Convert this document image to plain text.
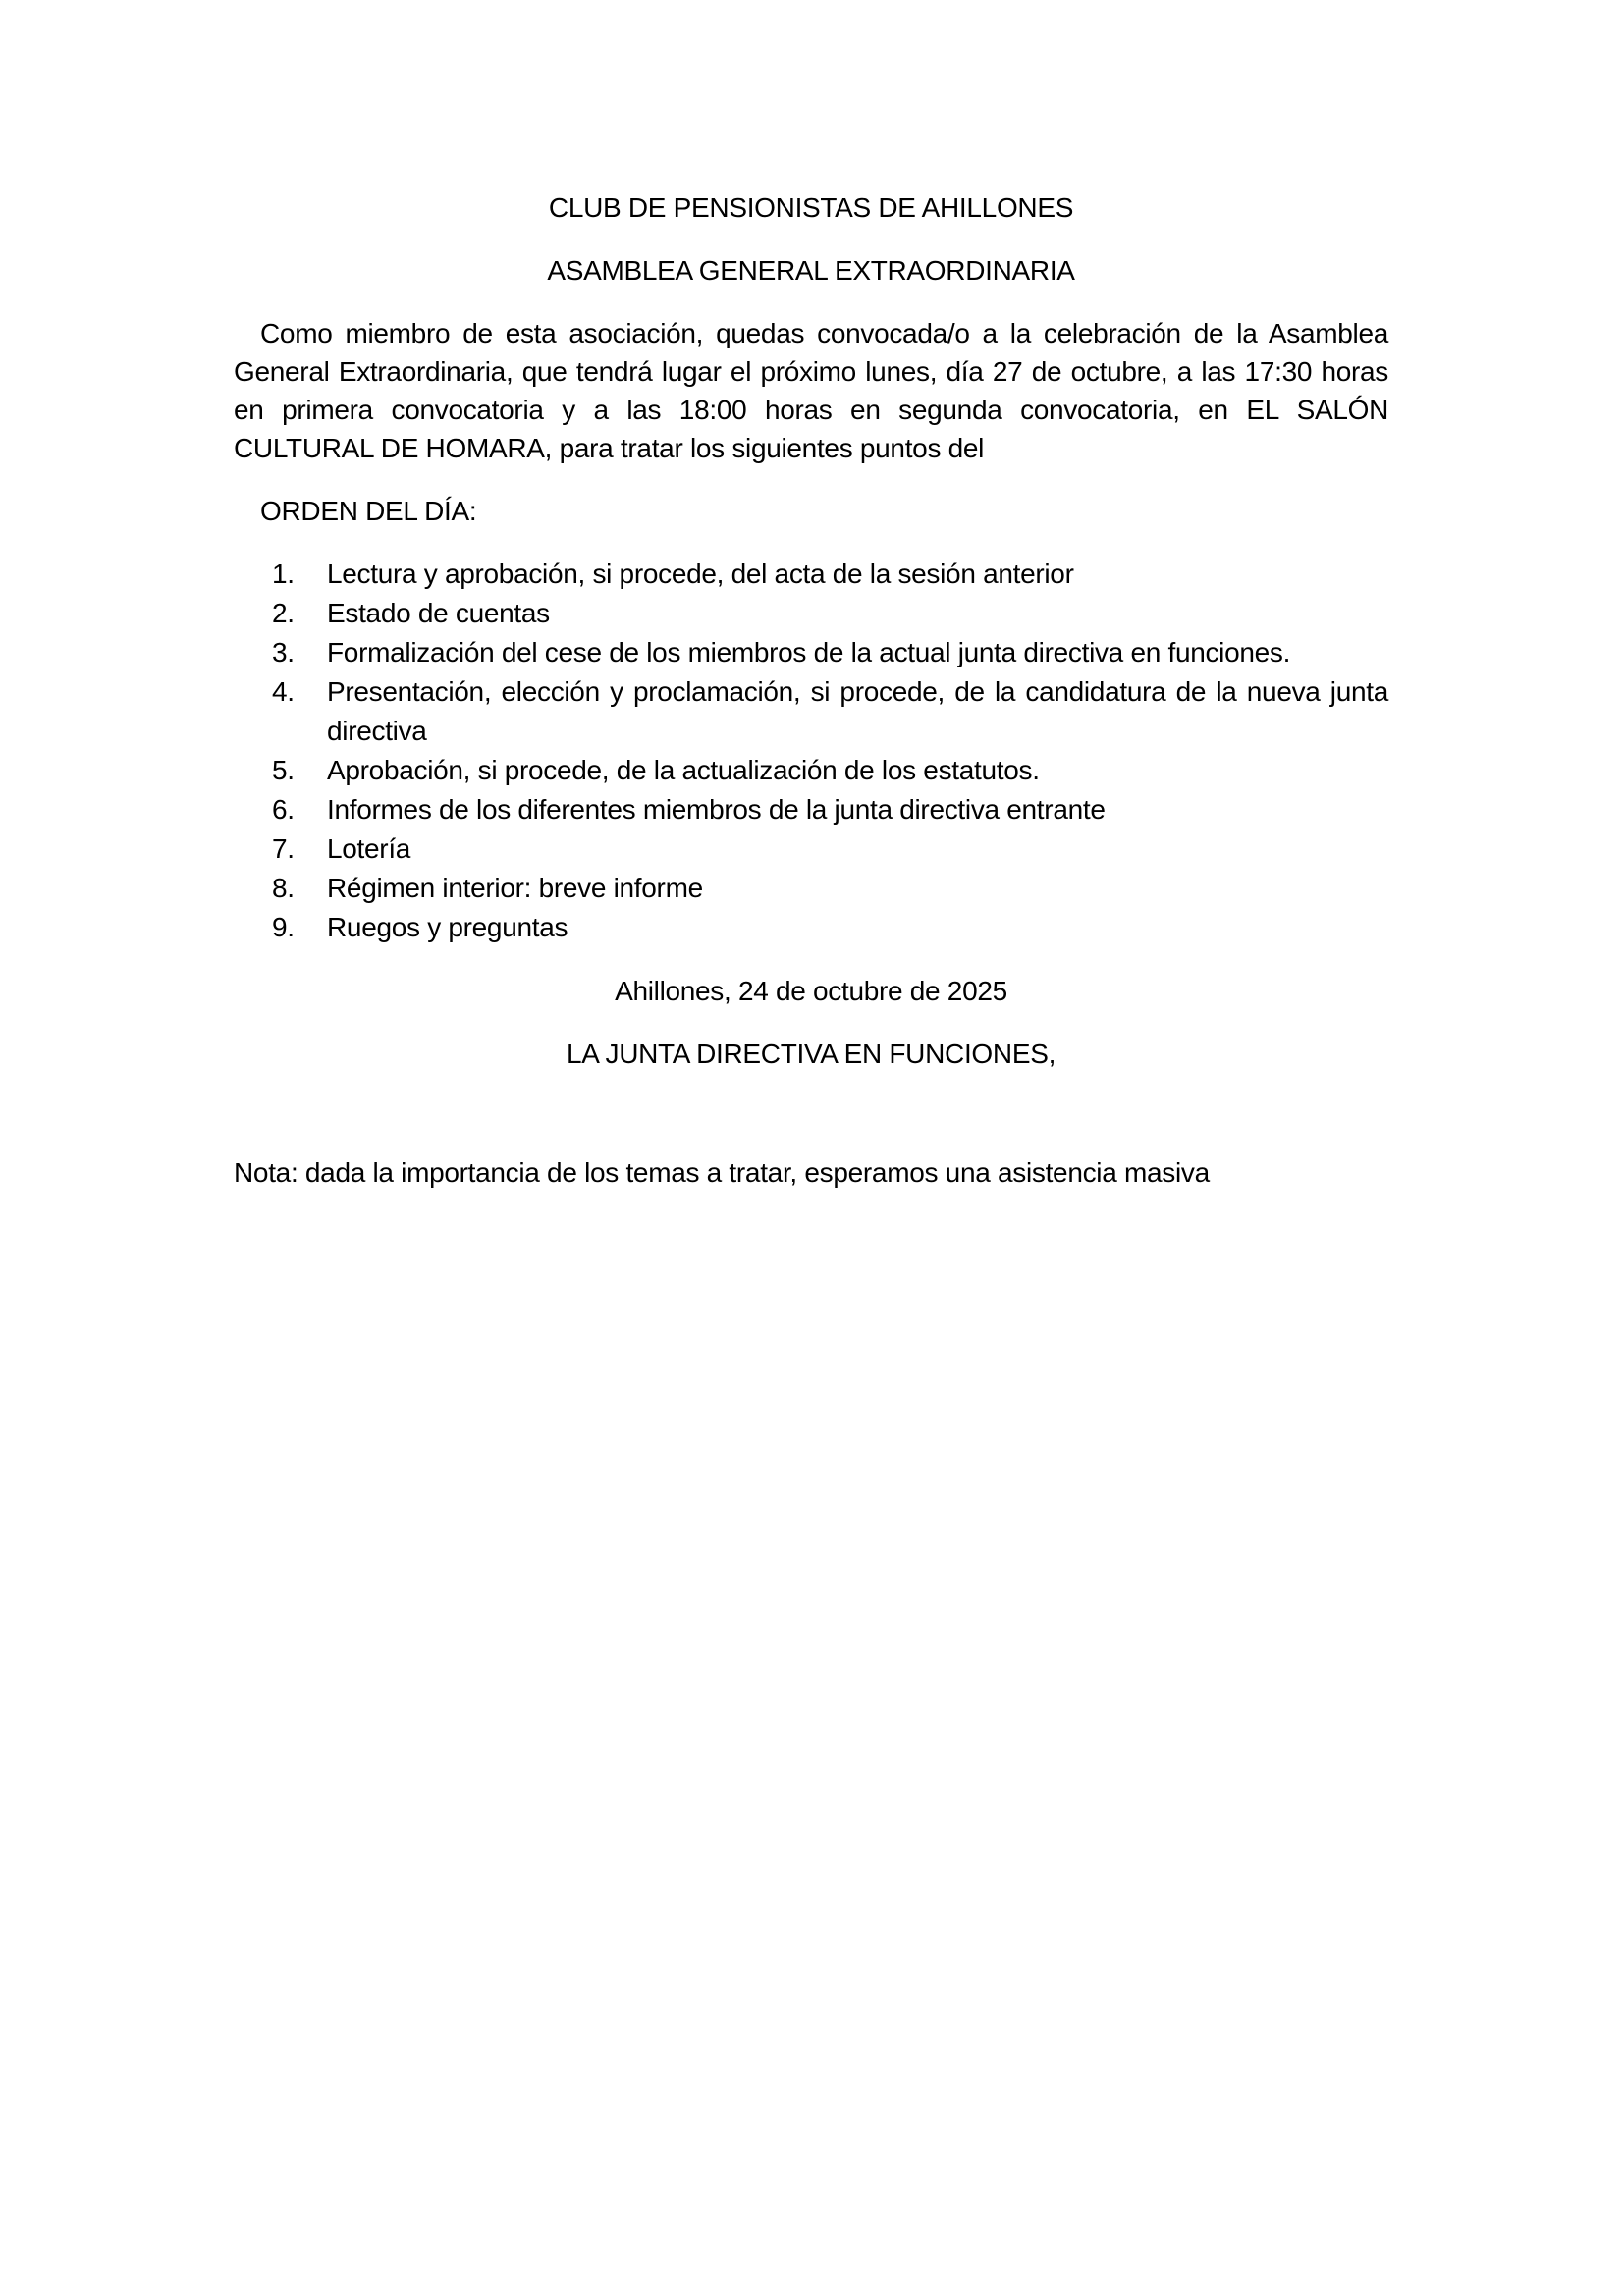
CLUB DE PENSIONISTAS DE AHILLONES

ASAMBLEA GENERAL EXTRAORDINARIA

Como miembro de esta asociación, quedas convocada/o a la celebración de la Asamblea General Extraordinaria, que tendrá lugar el próximo lunes, día 27 de octubre, a las 17:30 horas en primera convocatoria y a las 18:00 horas en segunda convocatoria, en EL SALÓN CULTURAL DE HOMARA, para tratar los siguientes puntos del

ORDEN DEL DÍA:

1. Lectura y aprobación, si procede, del acta de la sesión anterior
2. Estado de cuentas
3. Formalización del cese de los miembros de la actual junta directiva en funciones.
4. Presentación, elección y proclamación, si procede, de la candidatura de la nueva junta directiva
5. Aprobación, si procede, de la actualización de los estatutos.
6. Informes de los diferentes miembros de la junta directiva entrante
7. Lotería
8. Régimen interior: breve informe
9. Ruegos y preguntas

Ahillones, 24 de octubre de 2025

LA JUNTA DIRECTIVA EN FUNCIONES,

Nota: dada la importancia de los temas a tratar, esperamos una asistencia masiva
